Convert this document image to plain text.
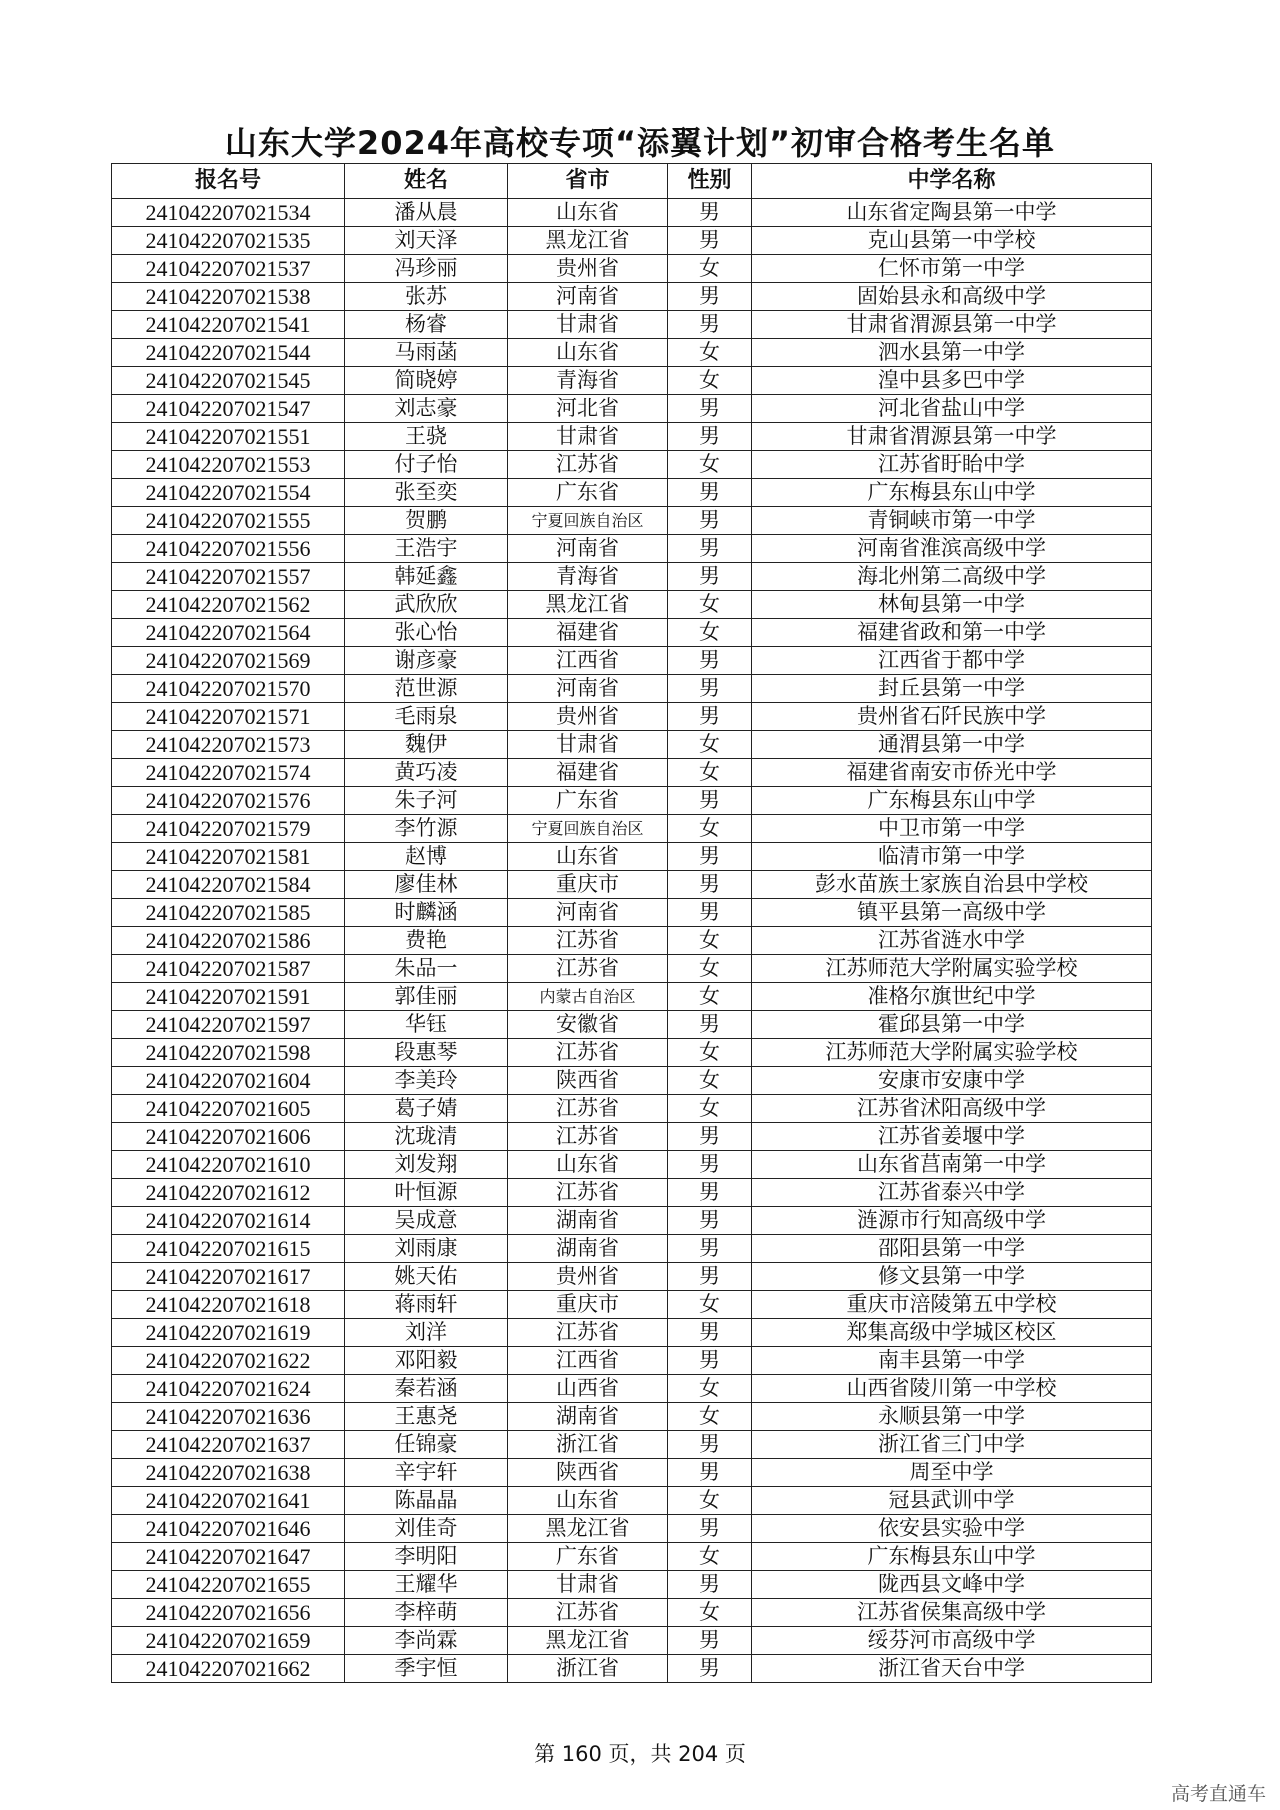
山东大学2024年高校专项“添翼计划”初审合格考生名单
报名号	姓名	省市	性别	中学名称
241042207021534	潘从晨	山东省	男	山东省定陶县第一中学
241042207021535	刘天泽	黑龙江省	男	克山县第一中学校
241042207021537	冯珍丽	贵州省	女	仁怀市第一中学
241042207021538	张苏	河南省	男	固始县永和高级中学
241042207021541	杨睿	甘肃省	男	甘肃省渭源县第一中学
241042207021544	马雨菡	山东省	女	泗水县第一中学
241042207021545	简晓婷	青海省	女	湟中县多巴中学
241042207021547	刘志豪	河北省	男	河北省盐山中学
241042207021551	王骁	甘肃省	男	甘肃省渭源县第一中学
241042207021553	付子怡	江苏省	女	江苏省盱眙中学
241042207021554	张至奕	广东省	男	广东梅县东山中学
241042207021555	贺鹏	宁夏回族自治区	男	青铜峡市第一中学
241042207021556	王浩宇	河南省	男	河南省淮滨高级中学
241042207021557	韩延鑫	青海省	男	海北州第二高级中学
241042207021562	武欣欣	黑龙江省	女	林甸县第一中学
241042207021564	张心怡	福建省	女	福建省政和第一中学
241042207021569	谢彦豪	江西省	男	江西省于都中学
241042207021570	范世源	河南省	男	封丘县第一中学
241042207021571	毛雨泉	贵州省	男	贵州省石阡民族中学
241042207021573	魏伊	甘肃省	女	通渭县第一中学
241042207021574	黄巧凌	福建省	女	福建省南安市侨光中学
241042207021576	朱子河	广东省	男	广东梅县东山中学
241042207021579	李竹源	宁夏回族自治区	女	中卫市第一中学
241042207021581	赵博	山东省	男	临清市第一中学
241042207021584	廖佳林	重庆市	男	彭水苗族土家族自治县中学校
241042207021585	时麟涵	河南省	男	镇平县第一高级中学
241042207021586	费艳	江苏省	女	江苏省涟水中学
241042207021587	朱品一	江苏省	女	江苏师范大学附属实验学校
241042207021591	郭佳丽	内蒙古自治区	女	准格尔旗世纪中学
241042207021597	华钰	安徽省	男	霍邱县第一中学
241042207021598	段惠琴	江苏省	女	江苏师范大学附属实验学校
241042207021604	李美玲	陕西省	女	安康市安康中学
241042207021605	葛子婧	江苏省	女	江苏省沭阳高级中学
241042207021606	沈珑清	江苏省	男	江苏省姜堰中学
241042207021610	刘发翔	山东省	男	山东省莒南第一中学
241042207021612	叶恒源	江苏省	男	江苏省泰兴中学
241042207021614	吴成意	湖南省	男	涟源市行知高级中学
241042207021615	刘雨康	湖南省	男	邵阳县第一中学
241042207021617	姚天佑	贵州省	男	修文县第一中学
241042207021618	蒋雨轩	重庆市	女	重庆市涪陵第五中学校
241042207021619	刘洋	江苏省	男	郑集高级中学城区校区
241042207021622	邓阳毅	江西省	男	南丰县第一中学
241042207021624	秦若涵	山西省	女	山西省陵川第一中学校
241042207021636	王惠尧	湖南省	女	永顺县第一中学
241042207021637	任锦豪	浙江省	男	浙江省三门中学
241042207021638	辛宇轩	陕西省	男	周至中学
241042207021641	陈晶晶	山东省	女	冠县武训中学
241042207021646	刘佳奇	黑龙江省	男	依安县实验中学
241042207021647	李明阳	广东省	女	广东梅县东山中学
241042207021655	王耀华	甘肃省	男	陇西县文峰中学
241042207021656	李梓萌	江苏省	女	江苏省侯集高级中学
241042207021659	李尚霖	黑龙江省	男	绥芬河市高级中学
241042207021662	季宇恒	浙江省	男	浙江省天台中学
第 160 页，共 204 页
高考直通车
